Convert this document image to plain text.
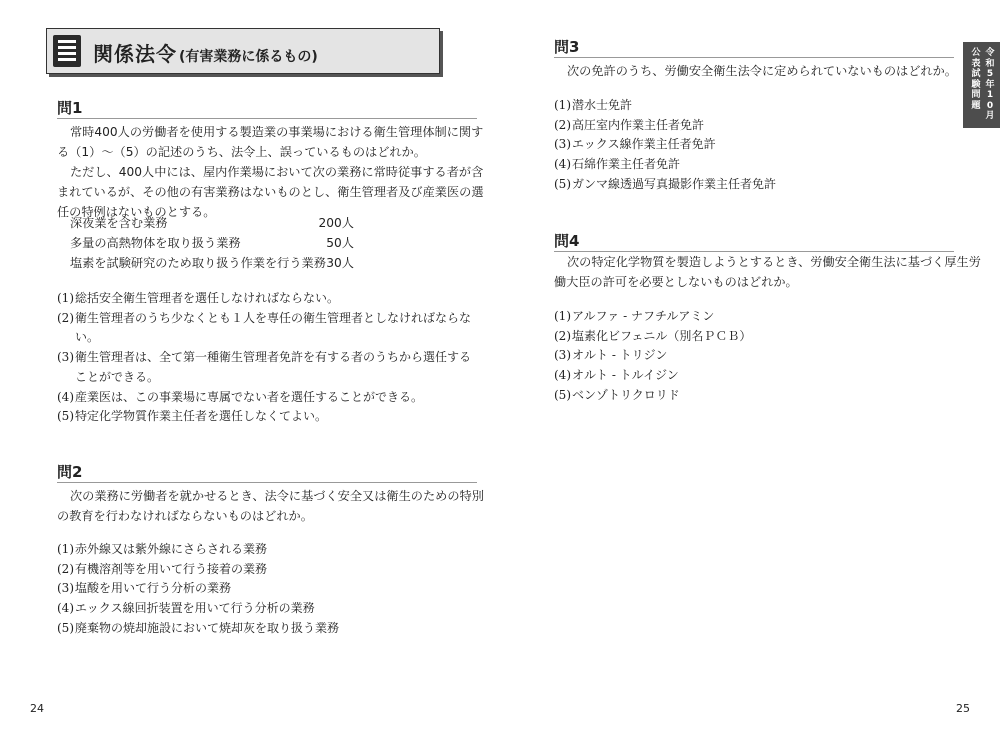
関係法令 (有害業務に係るもの)
問1
常時400人の労働者を使用する製造業の事業場における衛生管理体制に関す
る（1）～（5）の記述のうち、法令上、誤っているものはどれか。
ただし、400人中には、屋内作業場において次の業務に常時従事する者が含
まれているが、その他の有害業務はないものとし、衛生管理者及び産業医の選
任の特例はないものとする。
深夜業を含む業務	200人
多量の高熱物体を取り扱う業務	50人
塩素を試験研究のため取り扱う作業を行う業務 30人
(1)総括安全衛生管理者を選任しなければならない。
(2)衛生管理者のうち少なくとも１人を専任の衛生管理者としなければならな
い。
(3)衛生管理者は、全て第一種衛生管理者免許を有する者のうちから選任する
ことができる。
(4)産業医は、この事業場に専属でない者を選任することができる。
(5)特定化学物質作業主任者を選任しなくてよい。
問2
次の業務に労働者を就かせるとき、法令に基づく安全又は衛生のための特別
の教育を行わなければならないものはどれか。
(1)赤外線又は紫外線にさらされる業務
(2)有機溶剤等を用いて行う接着の業務
(3)塩酸を用いて行う分析の業務
(4)エックス線回折装置を用いて行う分析の業務
(5)廃棄物の焼却施設において焼却灰を取り扱う業務
24
問3
次の免許のうち、労働安全衛生法令に定められていないものはどれか。
(1)潜水士免許
(2)高圧室内作業主任者免許
(3)エックス線作業主任者免許
(4)石綿作業主任者免許
(5)ガンマ線透過写真撮影作業主任者免許
問4
次の特定化学物質を製造しようとするとき、労働安全衛生法に基づく厚生労
働大臣の許可を必要としないものはどれか。
(1)アルファ - ナフチルアミン
(2)塩素化ビフェニル（別名ＰＣＢ）
(3)オルト - トリジン
(4)オルト - トルイジン
(5)ベンゾトリクロリド
令
和
5
年
1
0
月
公
表
試
験
問
題
25
